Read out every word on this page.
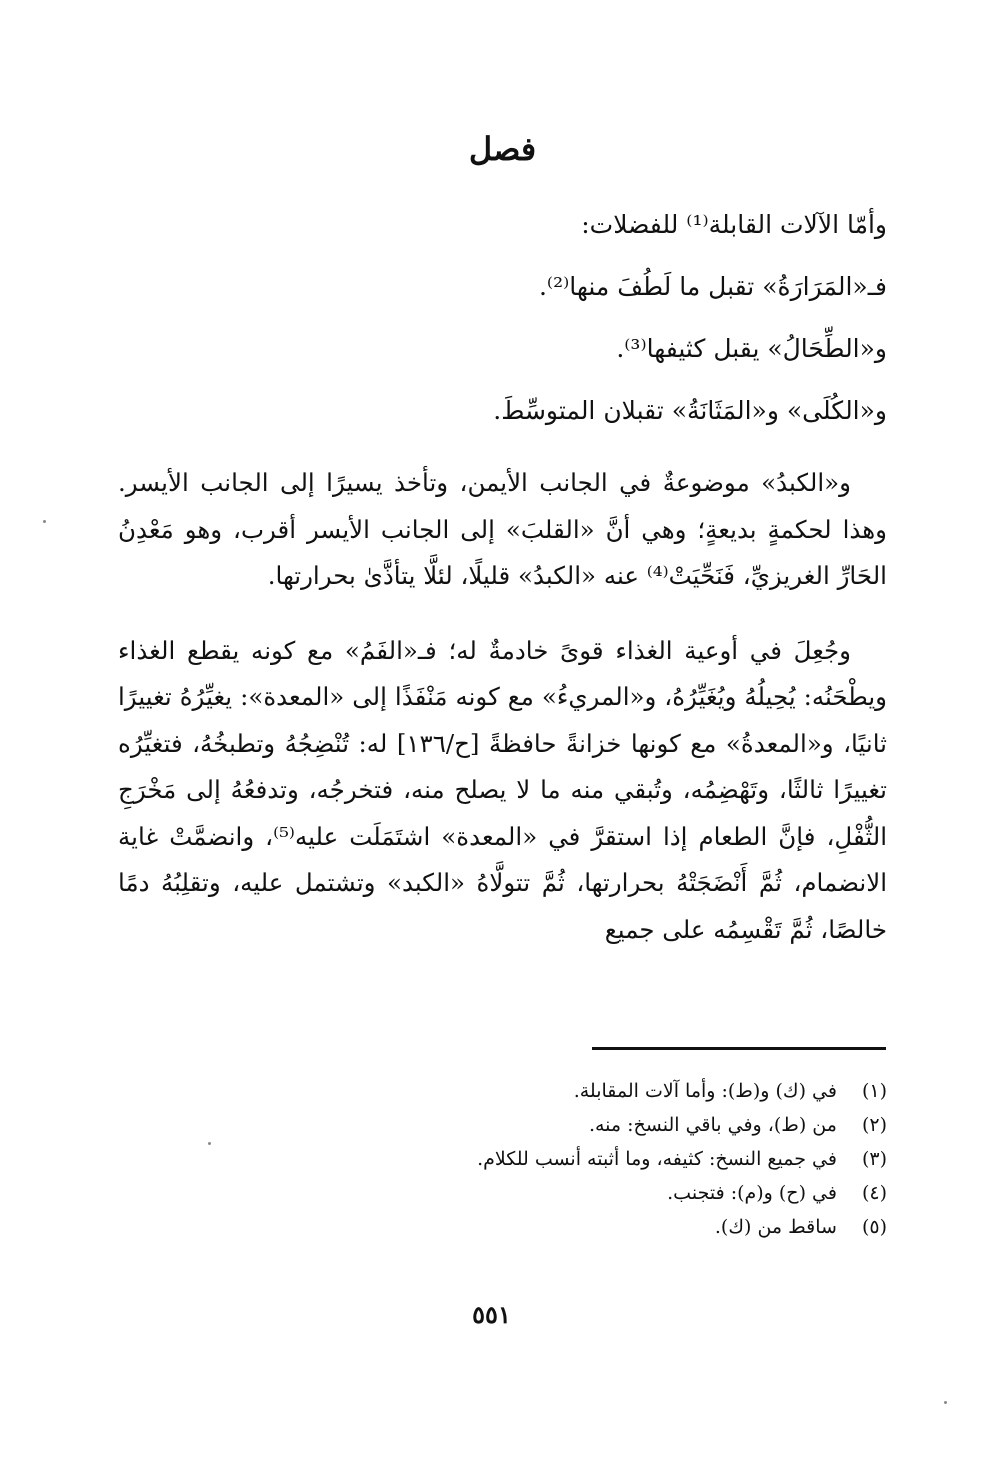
فصل
وأمّا الآلات القابلة⁽¹⁾ للفضلات:
فـ«المَرَارَةُ» تقبل ما لَطُفَ منها⁽²⁾.
و«الطِّحَالُ» يقبل كثيفها⁽³⁾.
و«الكُلَى» و«المَثَانَةُ» تقبلان المتوسِّطَ.

و«الكبدُ» موضوعةٌ في الجانب الأيمن، وتأخذ يسيرًا إلى الجانب الأيسر. وهذا لحكمةٍ بديعةٍ؛ وهي أنَّ «القلبَ» إلى الجانب الأيسر أقرب، وهو مَعْدِنُ الحَارِّ الغريزيِّ، فَنَحِّيَتْ⁽⁴⁾ عنه «الكبدُ» قليلًا، لئلَّا يتأذَّىٰ بحرارتها.

وجُعِلَ في أوعية الغذاء قوىً خادمةٌ له؛ فـ«الفَمُ» مع كونه يقطع الغذاء ويطْحَنُه: يُحِيلُهُ ويُغَيِّرُهُ، و«المريءُ» مع كونه مَنْفَذًا إلى «المعدة»: يغيِّرُهُ تغييرًا ثانيًا، و«المعدةُ» مع كونها خزانةً حافظةً [ح/١٣٦] له: تُنْضِجُهُ وتطبخُهُ، فتغيِّرُه تغييرًا ثالثًا، وتَهْضِمُه، وتُبقي منه ما لا يصلح منه، فتخرجُه، وتدفعُهُ إلى مَخْرَجِ الثُّفْلِ، فإنَّ الطعام إذا استقرَّ في «المعدة» اشتَمَلَت عليه⁽⁵⁾، وانضمَّتْ غاية الانضمام، ثُمَّ أَنْضَجَتْهُ بحرارتها، ثُمَّ تتولَّاهُ «الكبد» وتشتمل عليه، وتقلِبُهُ دمًا خالصًا، ثُمَّ تَقْسِمُه على جميع

(١) في (ك) و(ط): وأما آلات المقابلة.
(٢) من (ط)، وفي باقي النسخ: منه.
(٣) في جميع النسخ: كثيفه، وما أثبته أنسب للكلام.
(٤) في (ح) و(م): فتجنب.
(٥) ساقط من (ك).
٥٥١
